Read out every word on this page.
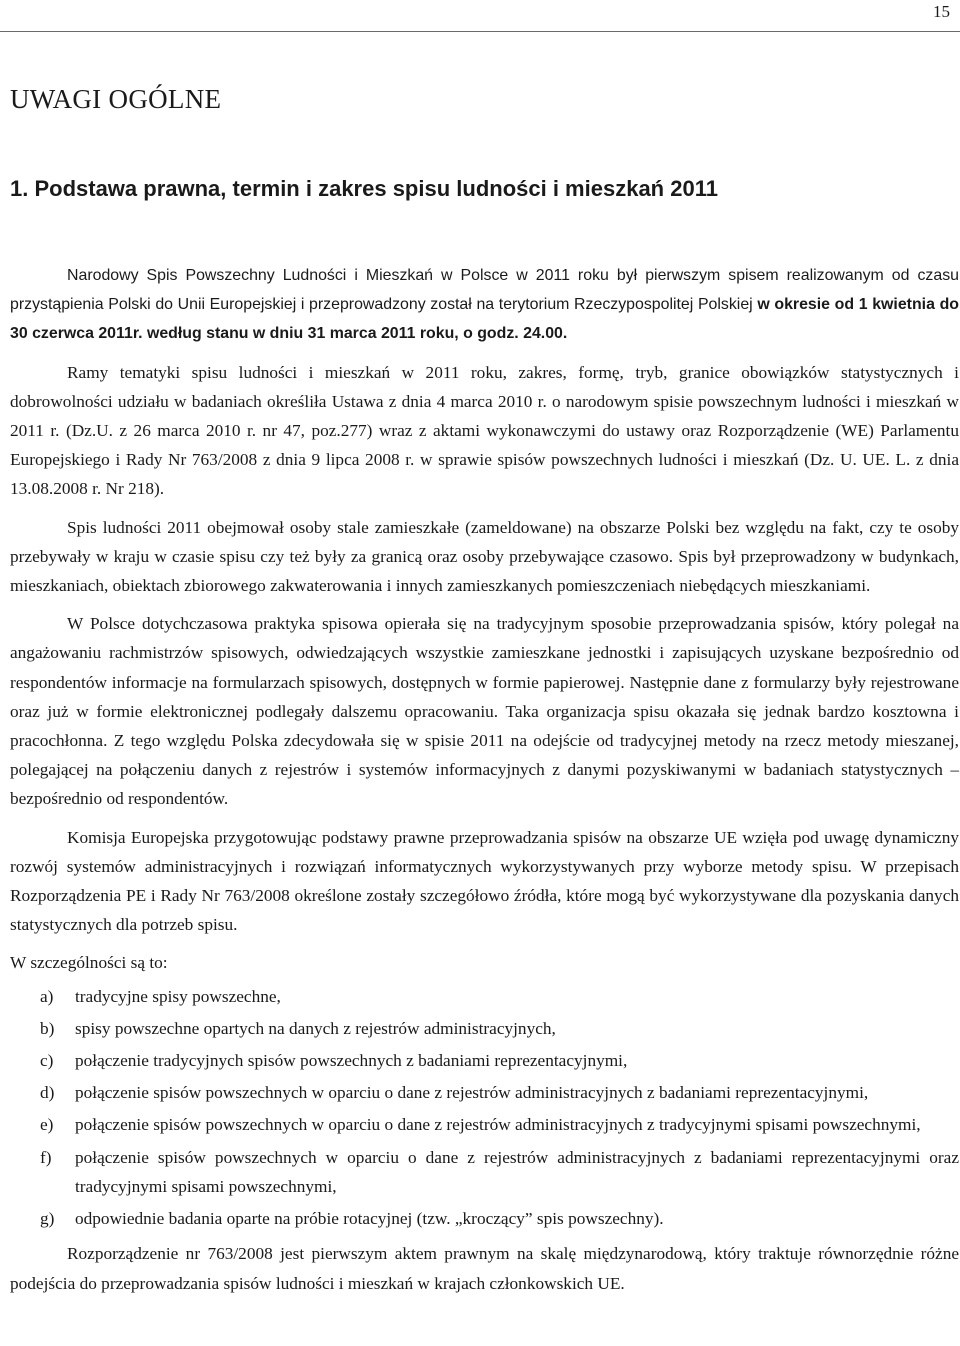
15
UWAGI OGÓLNE
1. Podstawa prawna, termin i zakres spisu ludności i mieszkań 2011

Narodowy Spis Powszechny Ludności i Mieszkań w Polsce w 2011 roku był pierwszym spisem realizowanym od czasu przystąpienia Polski do Unii Europejskiej i przeprowadzony został na terytorium Rzeczypospolitej Polskiej w okresie od 1 kwietnia do 30 czerwca 2011r. według stanu w dniu 31 marca 2011 roku, o godz. 24.00.

Ramy tematyki spisu ludności i mieszkań w 2011 roku, zakres, formę, tryb, granice obowiązków statystycznych i dobrowolności udziału w badaniach określiła Ustawa z dnia 4 marca 2010 r. o narodowym spisie powszechnym ludności i mieszkań w 2011 r. (Dz.U. z 26 marca 2010 r. nr 47, poz.277) wraz z aktami wykonawczymi do ustawy oraz Rozporządzenie (WE) Parlamentu Europejskiego i Rady Nr 763/2008 z dnia 9 lipca 2008 r. w sprawie spisów powszechnych ludności i mieszkań (Dz. U. UE. L. z dnia 13.08.2008 r. Nr 218).

Spis ludności 2011 obejmował osoby stale zamieszkałe (zameldowane) na obszarze Polski bez względu na fakt, czy te osoby przebywały w kraju w czasie spisu czy też były za granicą oraz osoby przebywające czasowo. Spis był przeprowadzony w budynkach, mieszkaniach, obiektach zbiorowego zakwaterowania i innych zamieszkanych pomieszczeniach niebędących mieszkaniami.

W Polsce dotychczasowa praktyka spisowa opierała się na tradycyjnym sposobie przeprowadzania spisów, który polegał na angażowaniu rachmistrzów spisowych, odwiedzających wszystkie zamieszkane jednostki i zapisujących uzyskane bezpośrednio od respondentów informacje na formularzach spisowych, dostępnych w formie papierowej. Następnie dane z formularzy były rejestrowane oraz już w formie elektronicznej podlegały dalszemu opracowaniu. Taka organizacja spisu okazała się jednak bardzo kosztowna i pracochłonna. Z tego względu Polska zdecydowała się w spisie 2011 na odejście od tradycyjnej metody na rzecz metody mieszanej, polegającej na połączeniu danych z rejestrów i systemów informacyjnych z danymi pozyskiwanymi w badaniach statystycznych – bezpośrednio od respondentów.

Komisja Europejska przygotowując podstawy prawne przeprowadzania spisów na obszarze UE wzięła pod uwagę dynamiczny rozwój systemów administracyjnych i rozwiązań informatycznych wykorzystywanych przy wyborze metody spisu. W przepisach Rozporządzenia PE i Rady Nr 763/2008 określone zostały szczegółowo źródła, które mogą być wykorzystywane dla pozyskania danych statystycznych dla potrzeb spisu.

W szczególności są to:

a) tradycyjne spisy powszechne,
b) spisy powszechne opartych na danych z rejestrów administracyjnych,
c) połączenie tradycyjnych spisów powszechnych z badaniami reprezentacyjnymi,
d) połączenie spisów powszechnych w oparciu o dane z rejestrów administracyjnych z badaniami reprezentacyjnymi,
e) połączenie spisów powszechnych w oparciu o dane z rejestrów administracyjnych z tradycyjnymi spisami powszechnymi,
f) połączenie spisów powszechnych w oparciu o dane z rejestrów administracyjnych z badaniami reprezentacyjnymi oraz tradycyjnymi spisami powszechnymi,
g) odpowiednie badania oparte na próbie rotacyjnej (tzw. „kroczący” spis powszechny).

Rozporządzenie nr 763/2008 jest pierwszym aktem prawnym na skalę międzynarodową, który traktuje równorzędnie różne podejścia do przeprowadzania spisów ludności i mieszkań w krajach członkowskich UE.
